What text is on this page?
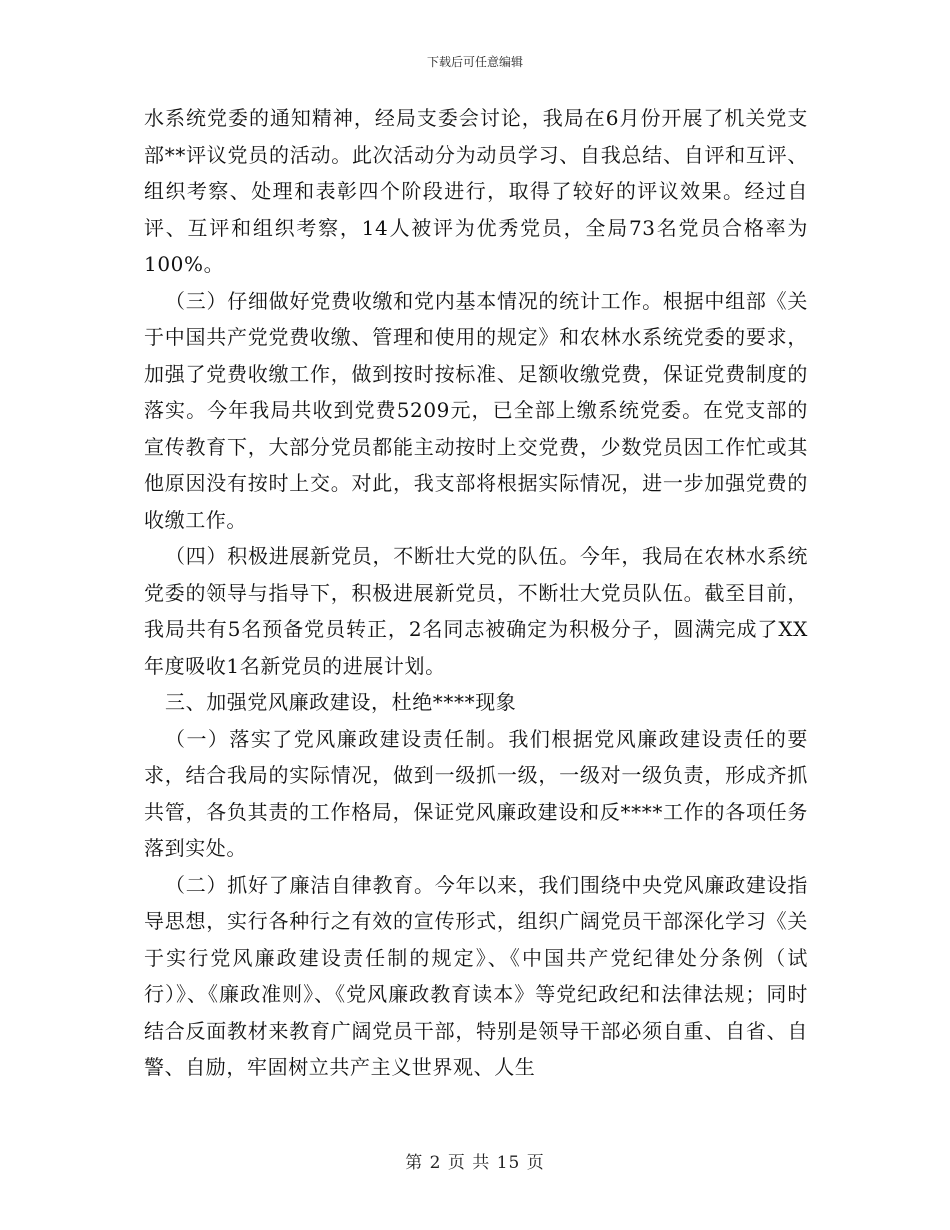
下载后可任意编辑

水系统党委的通知精神，经局支委会讨论，我局在6月份开展了机关党支部**评议党员的活动。此次活动分为动员学习、自我总结、自评和互评、组织考察、处理和表彰四个阶段进行，取得了较好的评议效果。经过自评、互评和组织考察，14人被评为优秀党员，全局73名党员合格率为100%。

（三）仔细做好党费收缴和党内基本情况的统计工作。根据中组部《关于中国共产党党费收缴、管理和使用的规定》和农林水系统党委的要求，加强了党费收缴工作，做到按时按标准、足额收缴党费，保证党费制度的落实。今年我局共收到党费5209元，已全部上缴系统党委。在党支部的宣传教育下，大部分党员都能主动按时上交党费，少数党员因工作忙或其他原因没有按时上交。对此，我支部将根据实际情况，进一步加强党费的收缴工作。

（四）积极进展新党员，不断壮大党的队伍。今年，我局在农林水系统党委的领导与指导下，积极进展新党员，不断壮大党员队伍。截至目前，我局共有5名预备党员转正，2名同志被确定为积极分子，圆满完成了XX年度吸收1名新党员的进展计划。

三、加强党风廉政建设，杜绝****现象

（一）落实了党风廉政建设责任制。我们根据党风廉政建设责任的要求，结合我局的实际情况，做到一级抓一级，一级对一级负责，形成齐抓共管，各负其责的工作格局，保证党风廉政建设和反****工作的各项任务落到实处。

（二）抓好了廉洁自律教育。今年以来，我们围绕中央党风廉政建设指导思想，实行各种行之有效的宣传形式，组织广阔党员干部深化学习《关于实行党风廉政建设责任制的规定》、《中国共产党纪律处分条例（试行）》、《廉政准则》、《党风廉政教育读本》等党纪政纪和法律法规；同时结合反面教材来教育广阔党员干部，特别是领导干部必须自重、自省、自警、自励，牢固树立共产主义世界观、人生

第 2 页 共 15 页
